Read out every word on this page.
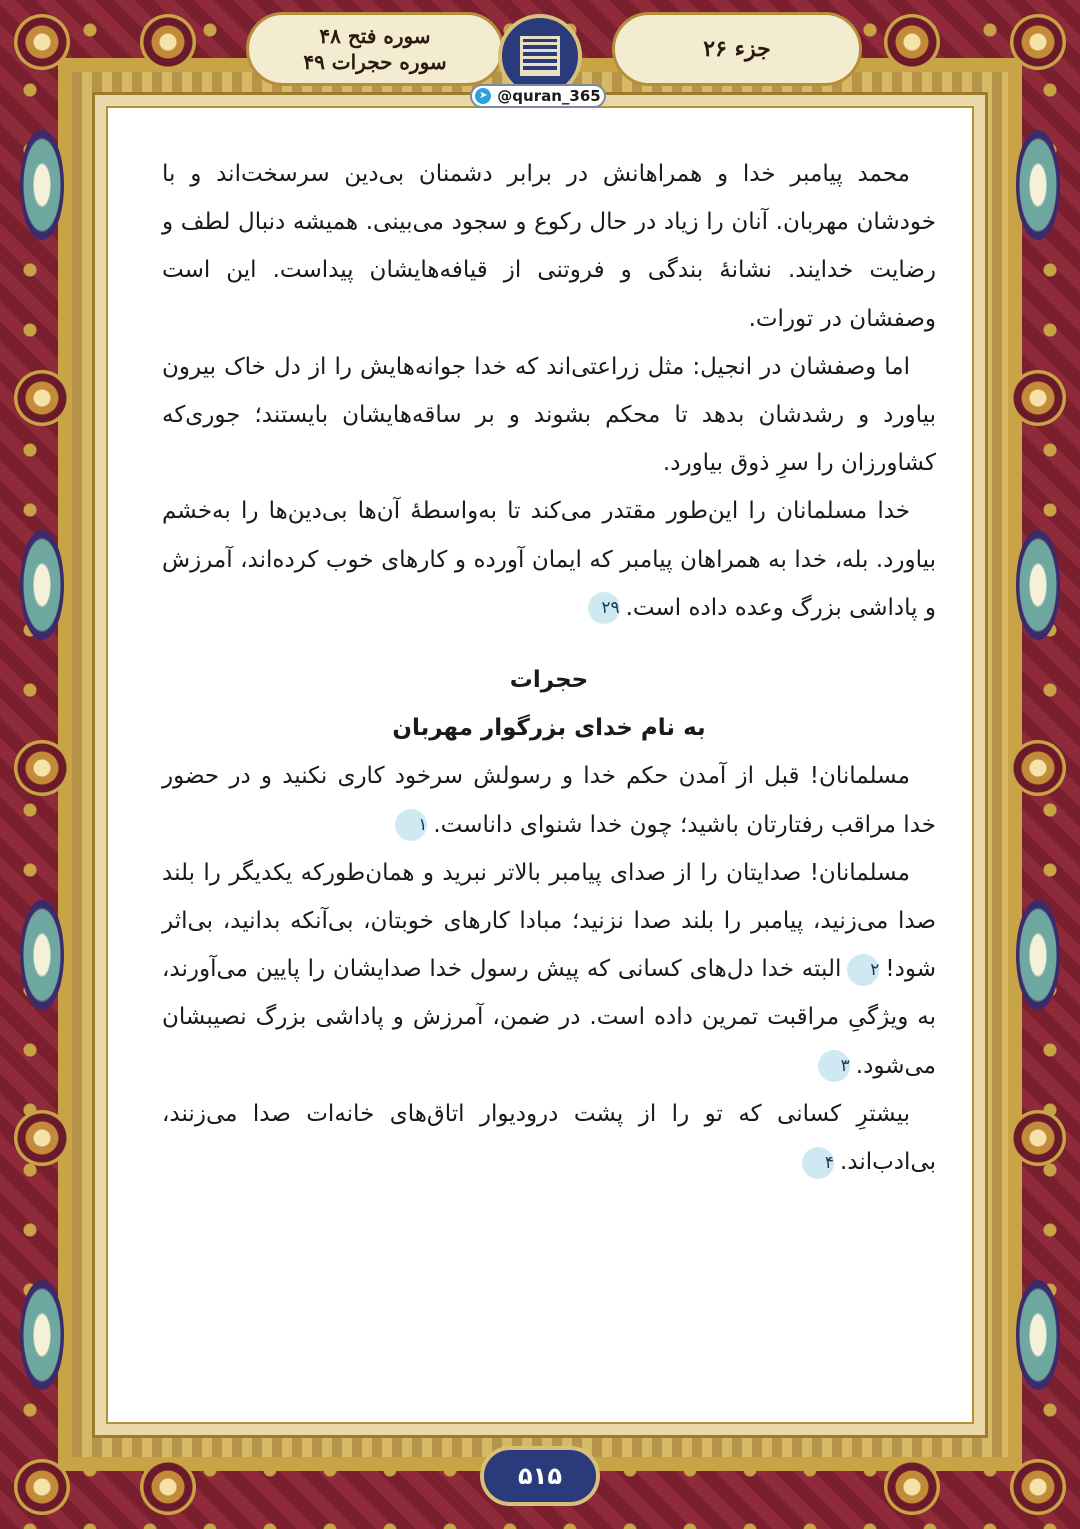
سوره فتح ۴۸
سوره حجرات ۴۹	جزء ۲۶
➤ @quran_365

محمد پیامبر خدا و همراهانش در برابر دشمنان بی‌دین سرسخت‌اند و با خودشان مهربان. آنان را زیاد در حال رکوع و سجود می‌بینی. همیشه دنبال لطف و رضایت خدایند. نشانهٔ بندگی و فروتنی از قیافه‌هایشان پیداست. این است وصفشان در تورات.

اما وصفشان در انجیل: مثل زراعتی‌اند که خدا جوانه‌هایش را از دل خاک بیرون بیاورد و رشدشان بدهد تا محکم بشوند و بر ساقه‌هایشان بایستند؛ جوری‌که کشاورزان را سرِ ذوق بیاورد.

خدا مسلمانان را این‌طور مقتدر می‌کند تا به‌واسطهٔ آن‌ها بی‌دین‌ها را به‌خشم بیاورد. بله، خدا به همراهان پیامبر که ایمان آورده و کارهای خوب کرده‌اند، آمرزش و پاداشی بزرگ وعده داده است.۲۹

حجرات

به نام خدای بزرگوار مهربان

مسلمانان! قبل از آمدن حکم خدا و رسولش سرخود کاری نکنید و در حضور خدا مراقب رفتارتان باشید؛ چون خدا شنوای داناست.۱

مسلمانان! صدایتان را از صدای پیامبر بالاتر نبرید و همان‌طورکه یکدیگر را بلند صدا می‌زنید، پیامبر را بلند صدا نزنید؛ مبادا کارهای خوبتان، بی‌آنکه بدانید، بی‌اثر شود!۲البته خدا دل‌های کسانی که پیش رسول خدا صدایشان را پایین می‌آورند، به ویژگیِ مراقبت تمرین داده است. در ضمن، آمرزش و پاداشی بزرگ نصیبشان می‌شود.۳

بیشترِ کسانی که تو را از پشت درودیوار اتاق‌های خانه‌ات صدا می‌زنند، بی‌ادب‌اند.۴

۵۱۵
